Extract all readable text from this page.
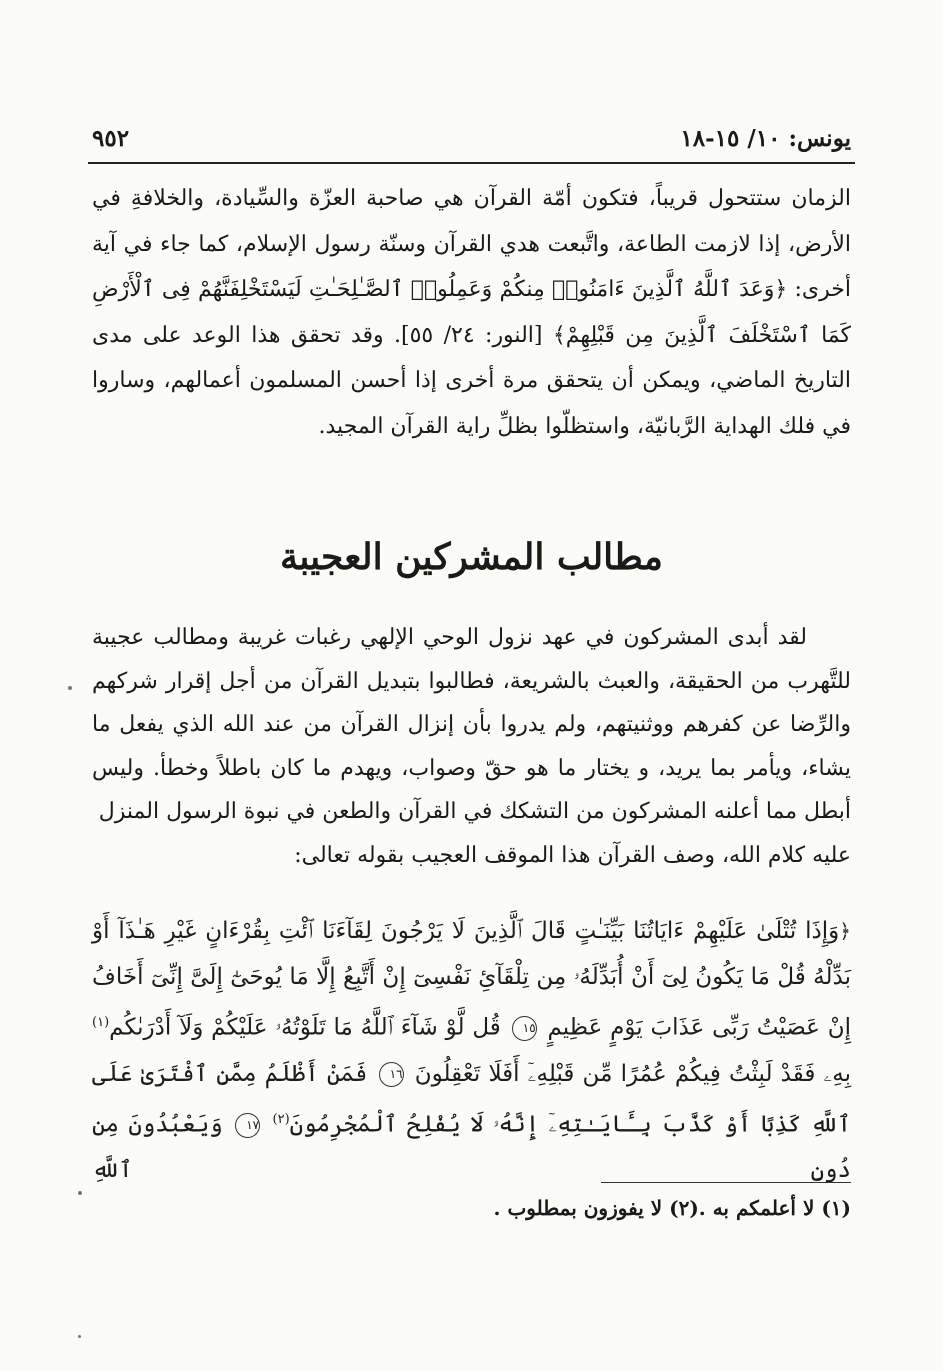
يونس: ١٠/ ١٥-١٨
٩٥٢

الزمان ستتحول قريباً، فتكون أمّة القرآن هي صاحبة العزّة والسِّيادة، والخلافةِ في الأرض، إذا لازمت الطاعة، واتَّبعت هدي القرآن وسنّة رسول الإسلام، كما جاء في آية أخرى: ﴿وَعَدَ ٱللَّهُ ٱلَّذِينَ ءَامَنُوا۟ مِنكُمْ وَعَمِلُوا۟ ٱلصَّـٰلِحَـٰتِ لَيَسْتَخْلِفَنَّهُمْ فِى ٱلْأَرْضِ كَمَا ٱسْتَخْلَفَ ٱلَّذِينَ مِن قَبْلِهِمْ﴾ [النور: ٢٤/ ٥٥]. وقد تحقق هذا الوعد على مدى التاريخ الماضي، ويمكن أن يتحقق مرة أخرى إذا أحسن المسلمون أعمالهم، وساروا في فلك الهداية الرَّبانيّة، واستظلّوا بظلِّ راية القرآن المجيد.

مطالب المشركين العجيبة

لقد أبدى المشركون في عهد نزول الوحي الإلهي رغبات غريبة ومطالب عجيبة للتَّهرب من الحقيقة، والعبث بالشريعة، فطالبوا بتبديل القرآن من أجل إقرار شركهم والرِّضا عن كفرهم ووثنيتهم، ولم يدروا بأن إنزال القرآن من عند الله الذي يفعل ما يشاء، ويأمر بما يريد، و يختار ما هو حقّ وصواب، ويهدم ما كان باطلاً وخطأ. وليس أبطل مما أعلنه المشركون من التشكك في القرآن والطعن في نبوة الرسول المنزل
عليه كلام الله، وصف القرآن هذا الموقف العجيب بقوله تعالى:

﴿وَإِذَا تُتْلَىٰ عَلَيْهِمْ ءَايَاتُنَا بَيِّنَـٰتٍ قَالَ ٱلَّذِينَ لَا يَرْجُونَ لِقَآءَنَا ٱئْتِ بِقُرْءَانٍ غَيْرِ هَـٰذَآ أَوْ بَدِّلْهُ قُلْ مَا يَكُونُ لِىٓ أَنْ أُبَدِّلَهُۥ مِن تِلْقَآئِ نَفْسِىٓ إِنْ أَتَّبِعُ إِلَّا مَا يُوحَىٰٓ إِلَىَّ إِنِّىٓ أَخَافُ إِنْ عَصَيْتُ رَبِّى عَذَابَ يَوْمٍ عَظِيمٍ ١٥ قُل لَّوْ شَآءَ ٱللَّهُ مَا تَلَوْتُهُۥ عَلَيْكُمْ وَلَآ أَدْرَىٰكُم$^{(١)}$ بِهِۦ فَقَدْ لَبِثْتُ فِيكُمْ عُمُرًا مِّن قَبْلِهِۦٓ أَفَلَا تَعْقِلُونَ ١٦ فَمَنْ أَظْلَمُ مِمَّنِ ٱفْتَرَىٰ عَلَى ٱللَّهِ كَذِبًا أَوْ كَذَّبَ بِـَٔايَـٰتِهِۦٓ إِنَّهُۥ لَا يُفْلِحُ ٱلْمُجْرِمُونَ$^{(٢)}$ ١٧ وَيَعْبُدُونَ مِن دُونِ ٱللَّهِ

(١) لا أعلمكم به .(٢) لا يفوزون بمطلوب .
